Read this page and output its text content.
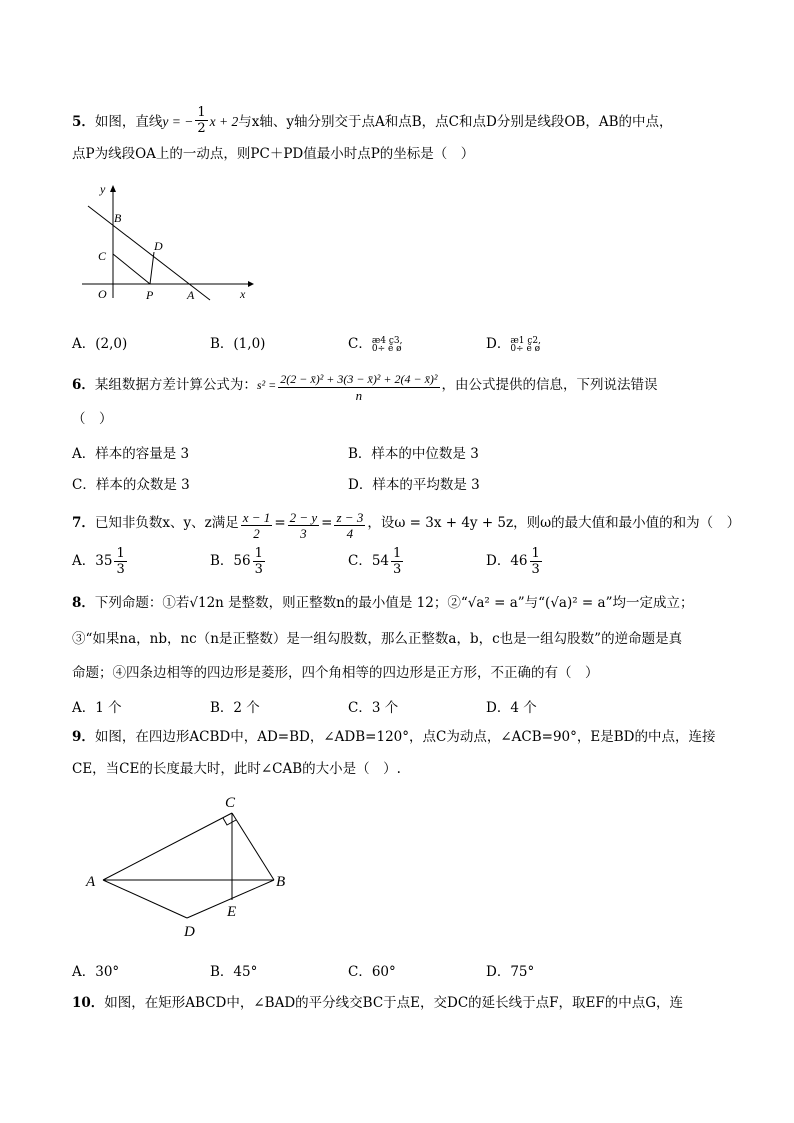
5．如图，直线y = − $\frac{1}{2}$ x + 2与x轴、y轴分别交于点A和点B，点C和点D分别是线段OB，AB的中点，
点P为线段OA上的一动点，则PC＋PD值最小时点P的坐标是（　）
y
x
B
C
D
O	P	A
A．(2,0)	B．(1,0)	C．æ4 ç3, 0÷ è ø	D．æ1 ç2, 0÷ è ø
6．某组数据方差计算公式为：$s^2 = \frac{\text{2(2 − x̄)² + 3(3 − x̄)² + 2(4 − x̄)²}}{n}$ ，由公式提供的信息，下列说法错误
（　）
A．样本的容量是 3	B．样本的中位数是 3
C．样本的众数是 3	D．样本的平均数是 3
7．已知非负数x、y、z满足 $\frac{x - 1}{2} = \frac{2 - y}{3} = \frac{z - 3}{4}$ ，设ω = 3x + 4y + 5z，则ω的最大值和最小值的和为（　）
A．$35 \frac{1}{3}$	B．$56 \frac{1}{3}$	C．$54 \frac{1}{3}$	D．$46 \frac{1}{3}$
8．下列命题：①若√12n 是整数，则正整数n的最小值是 12；②“√a² = a”与“(√a)² = a”均一定成立；
③“如果na，nb，nc（n是正整数）是一组勾股数，那么正整数a，b，c也是一组勾股数”的逆命题是真
命题；④四条边相等的四边形是菱形，四个角相等的四边形是正方形，不正确的有（　）
A．1 个	B．2 个	C．3 个	D．4 个
9．如图，在四边形ACBD中，AD=BD，∠ADB=120°，点C为动点，∠ACB=90°，E是BD的中点，连接
CE，当CE的长度最大时，此时∠CAB的大小是（　）.
C
A	B
E
D
A．30°	B．45°	C．60°	D．75°
10．如图，在矩形ABCD中，∠BAD的平分线交BC于点E，交DC的延长线于点F，取EF的中点G，连
